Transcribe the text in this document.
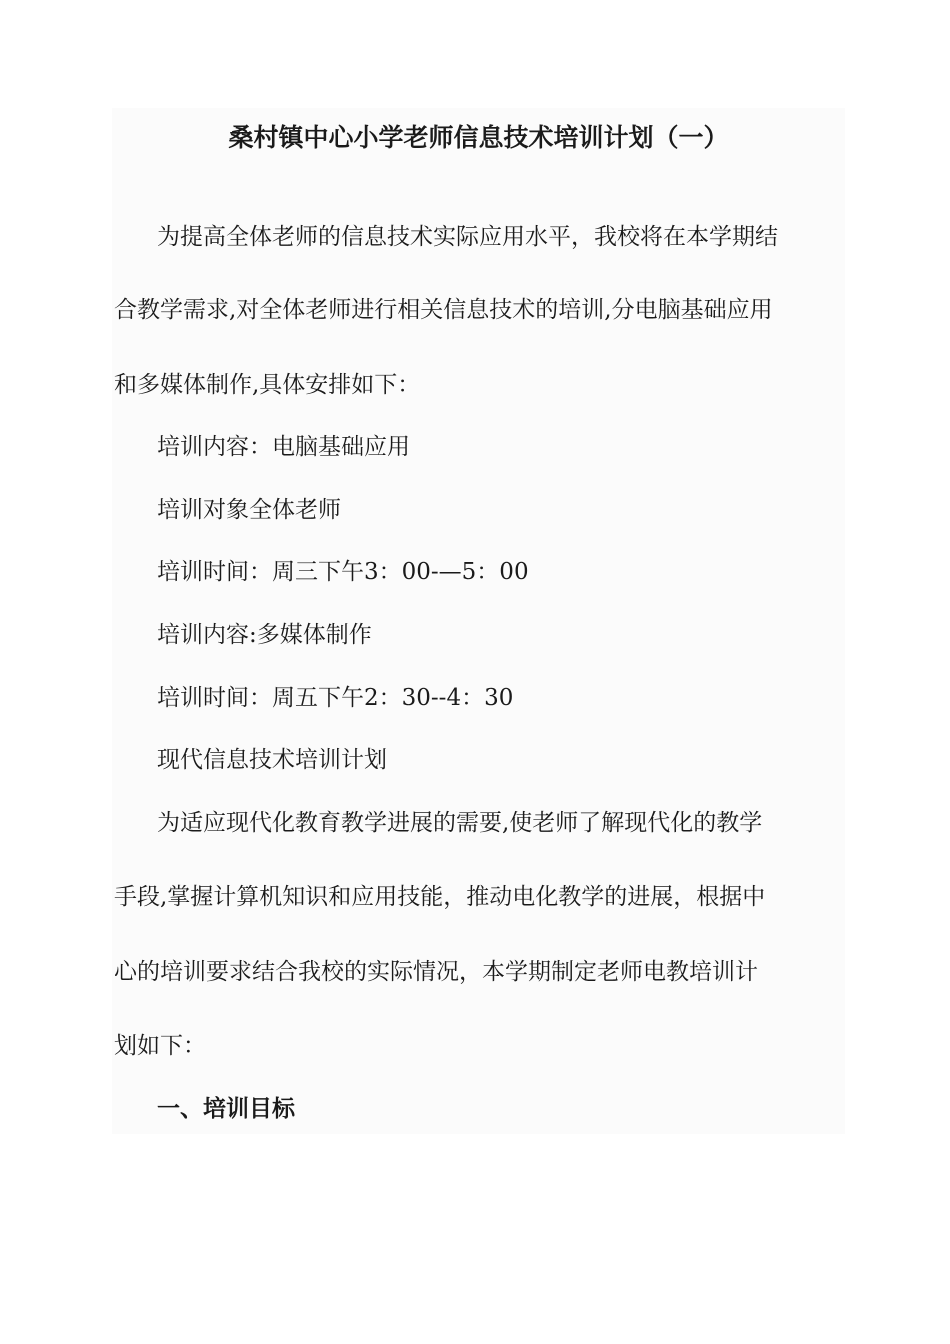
桑村镇中心小学老师信息技术培训计划（一）
为提高全体老师的信息技术实际应用水平，我校将在本学期结
合教学需求,对全体老师进行相关信息技术的培训,分电脑基础应用
和多媒体制作,具体安排如下：
培训内容：电脑基础应用
培训对象全体老师
培训时间：周三下午3：00-—5：00
培训内容:多媒体制作
培训时间：周五下午2：30--4：30
现代信息技术培训计划
为适应现代化教育教学进展的需要,使老师了解现代化的教学
手段,掌握计算机知识和应用技能，推动电化教学的进展，根据中
心的培训要求结合我校的实际情况，本学期制定老师电教培训计
划如下：
一、培训目标
